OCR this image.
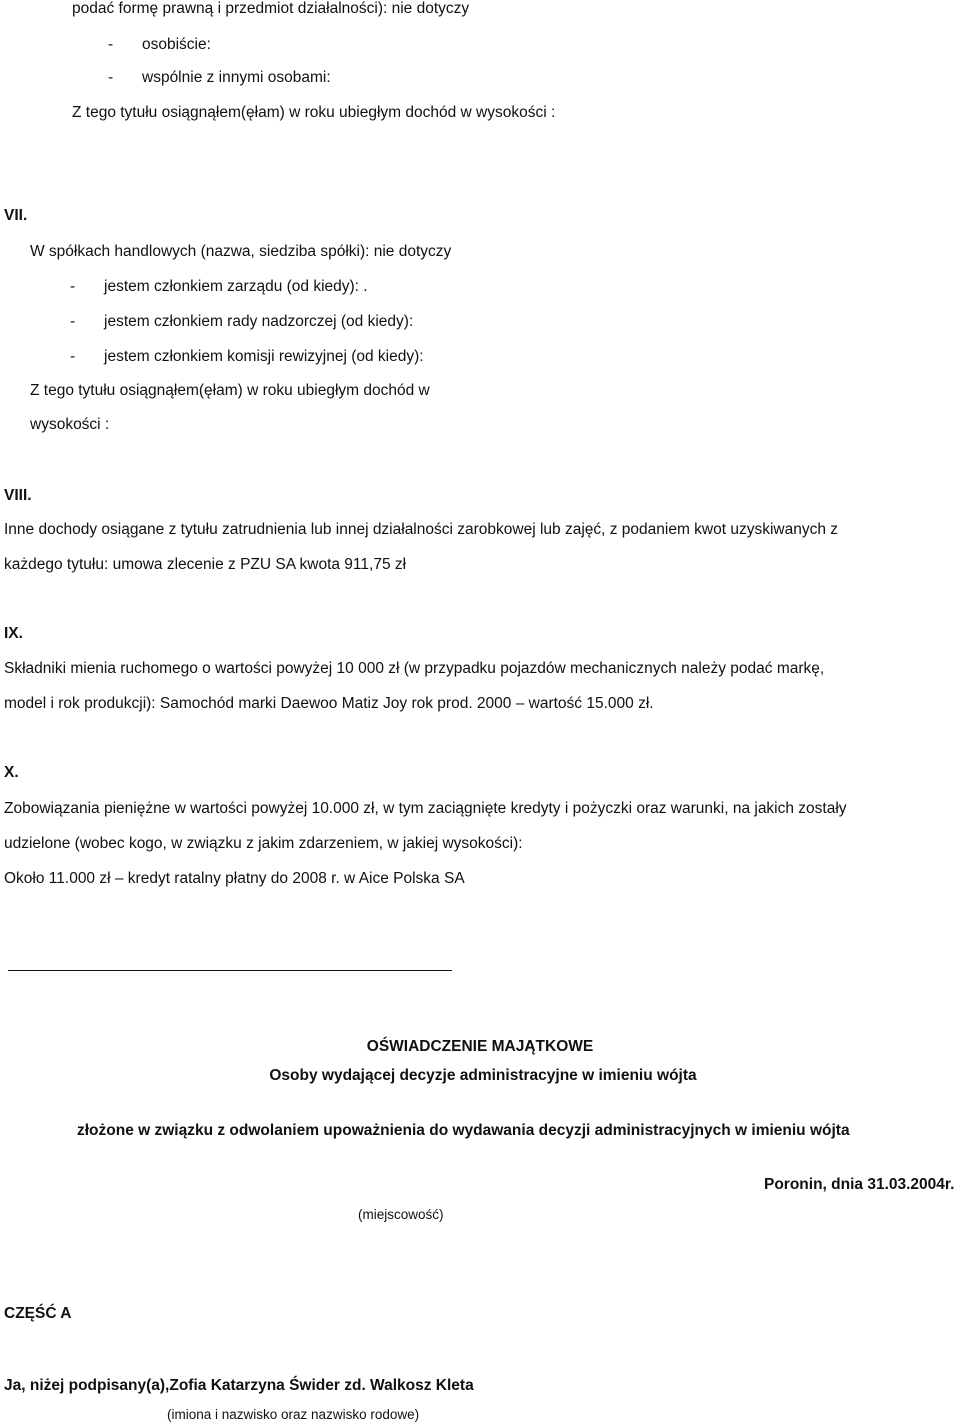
podać formę prawną i przedmiot działalności): nie dotyczy
- osobiście:
- wspólnie z innymi osobami:
Z tego tytułu osiągnąłem(ęłam) w roku ubiegłym dochód w wysokości :
VII.
W spółkach handlowych (nazwa, siedziba spółki): nie dotyczy
- jestem członkiem zarządu (od kiedy): .
- jestem członkiem rady nadzorczej (od kiedy):
- jestem członkiem komisji rewizyjnej (od kiedy):
Z tego tytułu osiągnąłem(ęłam) w roku ubiegłym dochód w
wysokości :
VIII.
Inne dochody osiągane z tytułu zatrudnienia lub innej działalności zarobkowej lub zajęć, z podaniem kwot uzyskiwanych z
każdego tytułu: umowa zlecenie z PZU SA kwota 911,75 zł
IX.
Składniki mienia ruchomego o wartości powyżej 10 000 zł (w przypadku pojazdów mechanicznych należy podać markę,
model i rok produkcji): Samochód marki Daewoo Matiz Joy rok prod. 2000 – wartość 15.000 zł.
X.
Zobowiązania pieniężne w wartości powyżej 10.000 zł, w tym zaciągnięte kredyty i pożyczki oraz warunki, na jakich zostały
udzielone (wobec kogo, w związku z jakim zdarzeniem, w jakiej wysokości):
Około 11.000 zł – kredyt ratalny płatny do 2008 r. w Aice Polska SA
OŚWIADCZENIE MAJĄTKOWE
Osoby wydającej decyzje administracyjne w imieniu wójta
złożone w związku z odwolaniem upoważnienia do wydawania decyzji administracyjnych w imieniu wójta
Poronin, dnia 31.03.2004r.
(miejscowość)
CZĘŚĆ A
Ja, niżej podpisany(a),Zofia Katarzyna Świder zd. Walkosz Kleta
(imiona i nazwisko oraz nazwisko rodowe)
